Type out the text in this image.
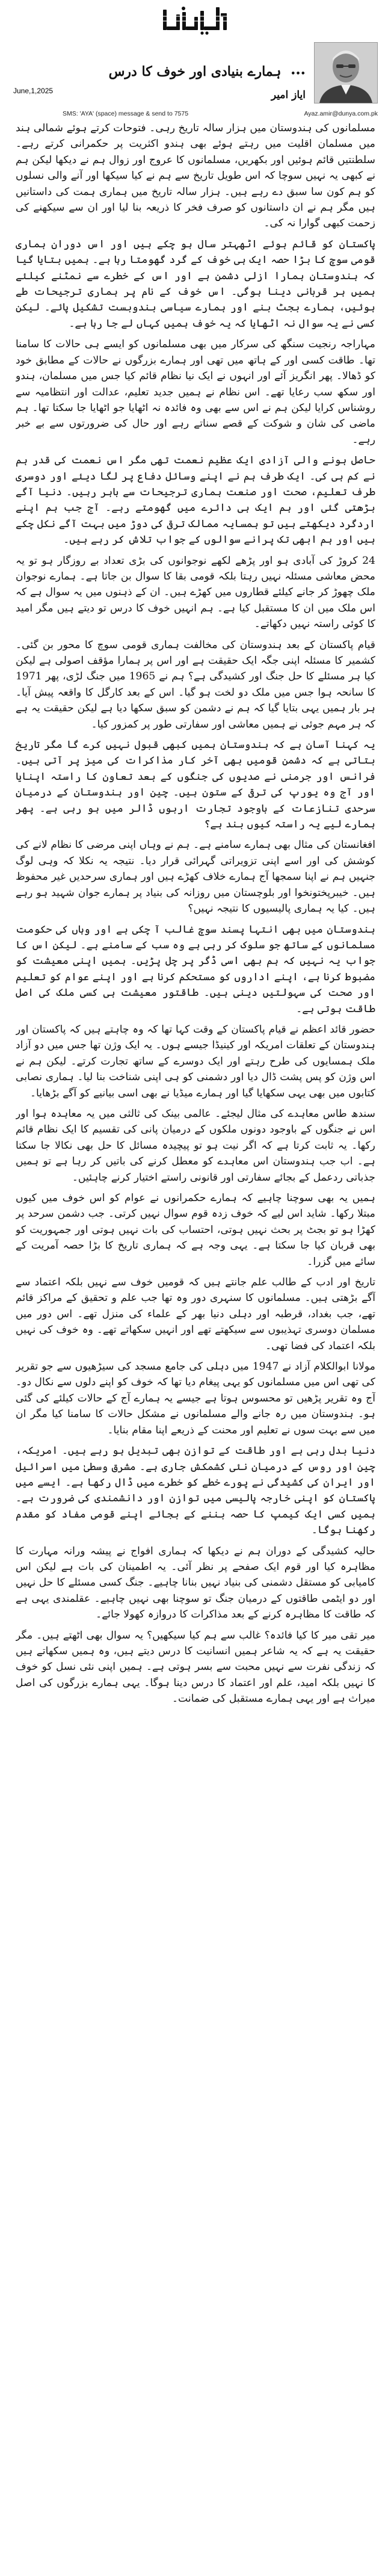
••• ہمارے بنیادی اور خوف کا درس
ایاز امیر
June,1,2025
SMS: 'AYA' (space) message & send to 7575	Ayaz.amir@dunya.com.pk

مسلمانوں کی ہندوستان میں ہزار سالہ تاریخ رہی۔ فتوحات کرتے ہوئے شمالی ہند میں مسلمان اقلیت میں رہتے ہوئے بھی ہندو اکثریت پر حکمرانی کرتے رہے۔ سلطنتیں قائم ہوئیں اور بکھریں، مسلمانوں کا عروج اور زوال ہم نے دیکھا لیکن ہم نے کبھی یہ نہیں سوچا کہ اس طویل تاریخ سے ہم نے کیا سیکھا اور آنے والی نسلوں کو ہم کون سا سبق دے رہے ہیں۔ ہزار سالہ تاریخ میں ہماری ہمت کی داستانیں ہیں مگر ہم نے ان داستانوں کو صرف فخر کا ذریعہ بنا لیا اور ان سے سیکھنے کی زحمت کبھی گوارا نہ کی۔

پاکستان کو قائم ہوئے اٹھہتر سال ہو چکے ہیں اور اس دوران ہماری قومی سوچ کا بڑا حصہ ایک ہی خوف کے گرد گھومتا رہا ہے۔ ہمیں بتایا گیا کہ ہندوستان ہمارا ازلی دشمن ہے اور اس کے خطرے سے نمٹنے کیلئے ہمیں ہر قربانی دینا ہوگی۔ اس خوف کے نام پر ہماری ترجیحات طے ہوئیں، ہمارے بجٹ بنے اور ہمارے سیاسی بندوبست تشکیل پائے۔ لیکن کسی نے یہ سوال نہ اٹھایا کہ یہ خوف ہمیں کہاں لے جا رہا ہے۔

مہاراجہ رنجیت سنگھ کی سرکار میں بھی مسلمانوں کو ایسے ہی حالات کا سامنا تھا۔ طاقت کسی اور کے ہاتھ میں تھی اور ہمارے بزرگوں نے حالات کے مطابق خود کو ڈھالا۔ پھر انگریز آئے اور انہوں نے ایک نیا نظام قائم کیا جس میں مسلمان، ہندو اور سکھ سب رعایا تھے۔ اس نظام نے ہمیں جدید تعلیم، عدالت اور انتظامیہ سے روشناس کرایا لیکن ہم نے اس سے بھی وہ فائدہ نہ اٹھایا جو اٹھایا جا سکتا تھا۔ ہم ماضی کی شان و شوکت کے قصے سناتے رہے اور حال کی ضرورتوں سے بے خبر رہے۔

حاصل ہونے والی آزادی ایک عظیم نعمت تھی مگر اس نعمت کی قدر ہم نے کم ہی کی۔ ایک طرف ہم نے اپنے وسائل دفاع پر لگا دیئے اور دوسری طرف تعلیم، صحت اور صنعت ہماری ترجیحات سے باہر رہیں۔ دنیا آگے بڑھتی گئی اور ہم ایک ہی دائرے میں گھومتے رہے۔ آج جب ہم اپنے اردگرد دیکھتے ہیں تو ہمسایہ ممالک ترقی کی دوڑ میں بہت آگے نکل چکے ہیں اور ہم ابھی تک پرانے سوالوں کے جواب تلاش کر رہے ہیں۔

24 کروڑ کی آبادی ہو اور پڑھے لکھے نوجوانوں کی بڑی تعداد بے روزگار ہو تو یہ محض معاشی مسئلہ نہیں رہتا بلکہ قومی بقا کا سوال بن جاتا ہے۔ ہمارے نوجوان ملک چھوڑ کر جانے کیلئے قطاروں میں کھڑے ہیں۔ ان کے ذہنوں میں یہ سوال ہے کہ اس ملک میں ان کا مستقبل کیا ہے۔ ہم انہیں خوف کا درس تو دیتے ہیں مگر امید کا کوئی راستہ نہیں دکھاتے۔

قیام پاکستان کے بعد ہندوستان کی مخالفت ہماری قومی سوچ کا محور بن گئی۔ کشمیر کا مسئلہ اپنی جگہ ایک حقیقت ہے اور اس پر ہمارا مؤقف اصولی ہے لیکن کیا ہر مسئلے کا حل جنگ اور کشیدگی ہے؟ ہم نے 1965 میں جنگ لڑی، پھر 1971 کا سانحہ ہوا جس میں ملک دو لخت ہو گیا۔ اس کے بعد کارگل کا واقعہ پیش آیا۔ ہر بار ہمیں یہی بتایا گیا کہ ہم نے دشمن کو سبق سکھا دیا ہے لیکن حقیقت یہ ہے کہ ہر مہم جوئی نے ہمیں معاشی اور سفارتی طور پر کمزور کیا۔

یہ کہنا آسان ہے کہ ہندوستان ہمیں کبھی قبول نہیں کرے گا مگر تاریخ بتاتی ہے کہ دشمن قومیں بھی آخر کار مذاکرات کی میز پر آتی ہیں۔ فرانس اور جرمنی نے صدیوں کی جنگوں کے بعد تعاون کا راستہ اپنایا اور آج وہ یورپ کی ترقی کے ستون ہیں۔ چین اور ہندوستان کے درمیان سرحدی تنازعات کے باوجود تجارت اربوں ڈالر میں ہو رہی ہے۔ پھر ہمارے لیے یہ راستہ کیوں بند ہے؟

افغانستان کی مثال بھی ہمارے سامنے ہے۔ ہم نے وہاں اپنی مرضی کا نظام لانے کی کوشش کی اور اسے اپنی تزویراتی گہرائی قرار دیا۔ نتیجہ یہ نکلا کہ وہی لوگ جنہیں ہم نے اپنا سمجھا آج ہمارے خلاف کھڑے ہیں اور ہماری سرحدیں غیر محفوظ ہیں۔ خیبرپختونخوا اور بلوچستان میں روزانہ کی بنیاد پر ہمارے جوان شہید ہو رہے ہیں۔ کیا یہ ہماری پالیسیوں کا نتیجہ نہیں؟

ہندوستان میں بھی انتہا پسند سوچ غالب آ چکی ہے اور وہاں کی حکومت مسلمانوں کے ساتھ جو سلوک کر رہی ہے وہ سب کے سامنے ہے۔ لیکن اس کا جواب یہ نہیں کہ ہم بھی اسی ڈگر پر چل پڑیں۔ ہمیں اپنی معیشت کو مضبوط کرنا ہے، اپنے اداروں کو مستحکم کرنا ہے اور اپنے عوام کو تعلیم اور صحت کی سہولتیں دینی ہیں۔ طاقتور معیشت ہی کسی ملک کی اصل طاقت ہوتی ہے۔

حضور قائد اعظم نے قیام پاکستان کے وقت کہا تھا کہ وہ چاہتے ہیں کہ پاکستان اور ہندوستان کے تعلقات امریکہ اور کینیڈا جیسے ہوں۔ یہ ایک وژن تھا جس میں دو آزاد ملک ہمسایوں کی طرح رہتے اور ایک دوسرے کے ساتھ تجارت کرتے۔ لیکن ہم نے اس وژن کو پس پشت ڈال دیا اور دشمنی کو ہی اپنی شناخت بنا لیا۔ ہماری نصابی کتابوں میں بھی یہی سکھایا گیا اور ہمارے میڈیا نے بھی اسی بیانیے کو آگے بڑھایا۔

سندھ طاس معاہدے کی مثال لیجئے۔ عالمی بینک کی ثالثی میں یہ معاہدہ ہوا اور اس نے جنگوں کے باوجود دونوں ملکوں کے درمیان پانی کی تقسیم کا ایک نظام قائم رکھا۔ یہ ثابت کرتا ہے کہ اگر نیت ہو تو پیچیدہ مسائل کا حل بھی نکالا جا سکتا ہے۔ اب جب ہندوستان اس معاہدے کو معطل کرنے کی باتیں کر رہا ہے تو ہمیں جذباتی ردعمل کے بجائے سفارتی اور قانونی راستے اختیار کرنے چاہئیں۔

ہمیں یہ بھی سوچنا چاہیے کہ ہمارے حکمرانوں نے عوام کو اس خوف میں کیوں مبتلا رکھا۔ شاید اس لیے کہ خوف زدہ قوم سوال نہیں کرتی۔ جب دشمن سرحد پر کھڑا ہو تو بجٹ پر بحث نہیں ہوتی، احتساب کی بات نہیں ہوتی اور جمہوریت کو بھی قربان کیا جا سکتا ہے۔ یہی وجہ ہے کہ ہماری تاریخ کا بڑا حصہ آمریت کے سائے میں گزرا۔

تاریخ اور ادب کے طالب علم جانتے ہیں کہ قومیں خوف سے نہیں بلکہ اعتماد سے آگے بڑھتی ہیں۔ مسلمانوں کا سنہری دور وہ تھا جب علم و تحقیق کے مراکز قائم تھے، جب بغداد، قرطبہ اور دہلی دنیا بھر کے علماء کی منزل تھے۔ اس دور میں مسلمان دوسری تہذیبوں سے سیکھتے تھے اور انہیں سکھاتے تھے۔ وہ خوف کی نہیں بلکہ اعتماد کی فضا تھی۔

مولانا ابوالکلام آزاد نے 1947 میں دہلی کی جامع مسجد کی سیڑھیوں سے جو تقریر کی تھی اس میں مسلمانوں کو یہی پیغام دیا تھا کہ خوف کو اپنے دلوں سے نکال دو۔ آج وہ تقریر پڑھیں تو محسوس ہوتا ہے جیسے یہ ہمارے آج کے حالات کیلئے کی گئی ہو۔ ہندوستان میں رہ جانے والے مسلمانوں نے مشکل حالات کا سامنا کیا مگر ان میں سے بہت سوں نے تعلیم اور محنت کے ذریعے اپنا مقام بنایا۔

دنیا بدل رہی ہے اور طاقت کے توازن بھی تبدیل ہو رہے ہیں۔ امریکہ، چین اور روس کے درمیان نئی کشمکش جاری ہے۔ مشرق وسطیٰ میں اسرائیل اور ایران کی کشیدگی نے پورے خطے کو خطرے میں ڈال رکھا ہے۔ ایسے میں پاکستان کو اپنی خارجہ پالیسی میں توازن اور دانشمندی کی ضرورت ہے۔ ہمیں کسی ایک کیمپ کا حصہ بننے کے بجائے اپنے قومی مفاد کو مقدم رکھنا ہوگا۔

حالیہ کشیدگی کے دوران ہم نے دیکھا کہ ہماری افواج نے پیشہ ورانہ مہارت کا مظاہرہ کیا اور قوم ایک صفحے پر نظر آئی۔ یہ اطمینان کی بات ہے لیکن اس کامیابی کو مستقل دشمنی کی بنیاد نہیں بنانا چاہیے۔ جنگ کسی مسئلے کا حل نہیں اور دو ایٹمی طاقتوں کے درمیان جنگ تو سوچنا بھی نہیں چاہیے۔ عقلمندی یہی ہے کہ طاقت کا مظاہرہ کرنے کے بعد مذاکرات کا دروازہ کھولا جائے۔

میر تقی میر کا کیا فائدہ؟ غالب سے ہم کیا سیکھیں؟ یہ سوال بھی اٹھتے ہیں۔ مگر حقیقت یہ ہے کہ یہ شاعر ہمیں انسانیت کا درس دیتے ہیں، وہ ہمیں سکھاتے ہیں کہ زندگی نفرت سے نہیں محبت سے بسر ہوتی ہے۔ ہمیں اپنی نئی نسل کو خوف کا نہیں بلکہ امید، علم اور اعتماد کا درس دینا ہوگا۔ یہی ہمارے بزرگوں کی اصل میراث ہے اور یہی ہمارے مستقبل کی ضمانت۔
